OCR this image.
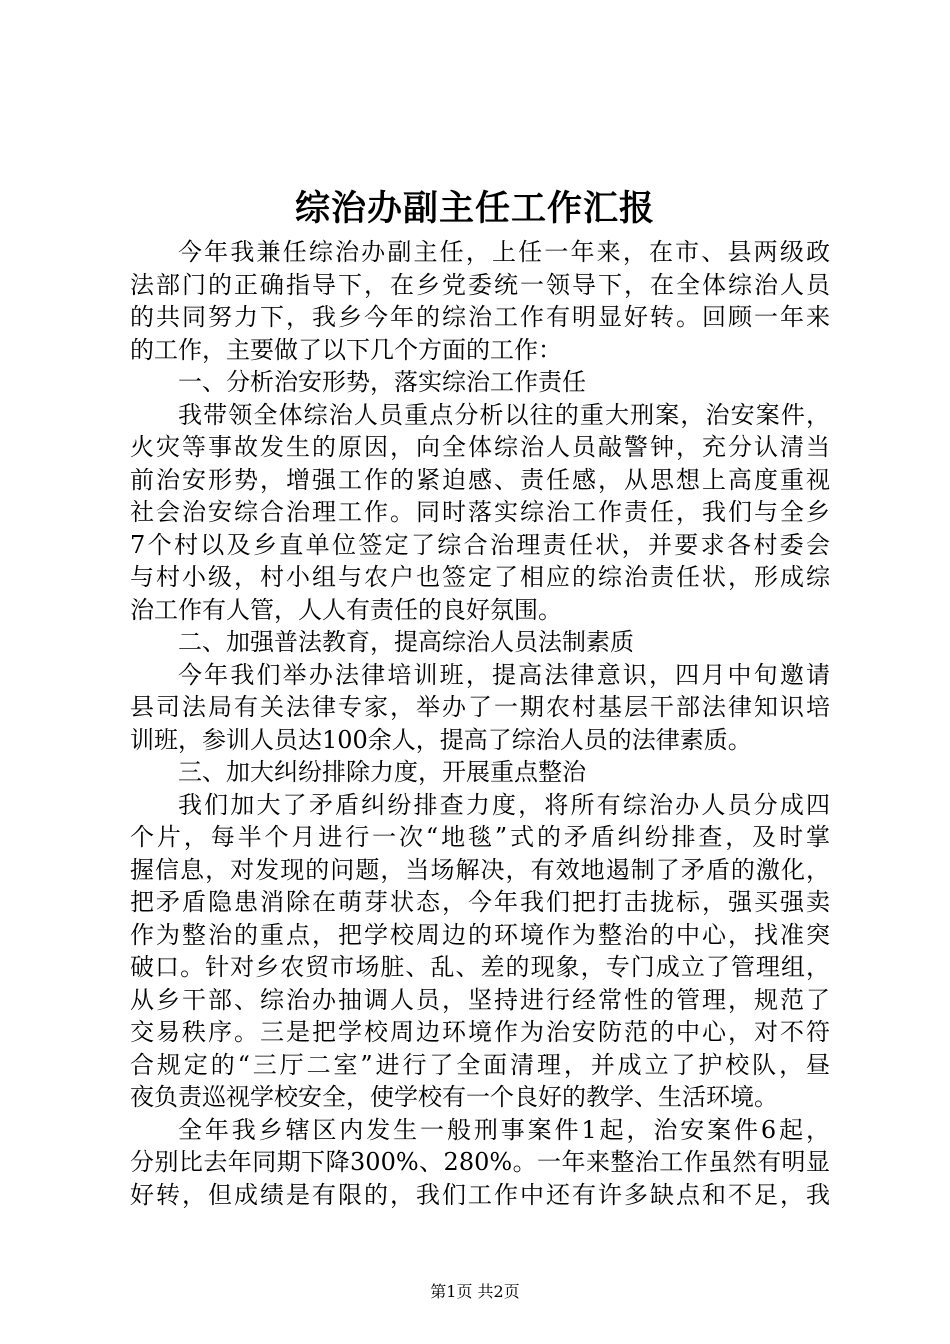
综治办副主任工作汇报
今年我兼任综治办副主任，上任一年来，在市、县两级政
法部门的正确指导下，在乡党委统一领导下，在全体综治人员
的共同努力下，我乡今年的综治工作有明显好转。回顾一年来
的工作，主要做了以下几个方面的工作：
一、分析治安形势，落实综治工作责任
我带领全体综治人员重点分析以往的重大刑案，治安案件，
火灾等事故发生的原因，向全体综治人员敲警钟，充分认清当
前治安形势，增强工作的紧迫感、责任感，从思想上高度重视
社会治安综合治理工作。同时落实综治工作责任，我们与全乡
7个村以及乡直单位签定了综合治理责任状，并要求各村委会
与村小级，村小组与农户也签定了相应的综治责任状，形成综
治工作有人管，人人有责任的良好氛围。
二、加强普法教育，提高综治人员法制素质
今年我们举办法律培训班，提高法律意识，四月中旬邀请
县司法局有关法律专家，举办了一期农村基层干部法律知识培
训班，参训人员达100余人，提高了综治人员的法律素质。
三、加大纠纷排除力度，开展重点整治
我们加大了矛盾纠纷排查力度，将所有综治办人员分成四
个片，每半个月进行一次“地毯”式的矛盾纠纷排查，及时掌
握信息，对发现的问题，当场解决，有效地遏制了矛盾的激化，
把矛盾隐患消除在萌芽状态，今年我们把打击拢标，强买强卖
作为整治的重点，把学校周边的环境作为整治的中心，找准突
破口。针对乡农贸市场脏、乱、差的现象，专门成立了管理组，
从乡干部、综治办抽调人员，坚持进行经常性的管理，规范了
交易秩序。三是把学校周边环境作为治安防范的中心，对不符
合规定的“三厅二室”进行了全面清理，并成立了护校队，昼
夜负责巡视学校安全，使学校有一个良好的教学、生活环境。
全年我乡辖区内发生一般刑事案件1起，治安案件6起，
分别比去年同期下降300%、280%。一年来整治工作虽然有明显
好转，但成绩是有限的，我们工作中还有许多缺点和不足，我
第1页 共2页
